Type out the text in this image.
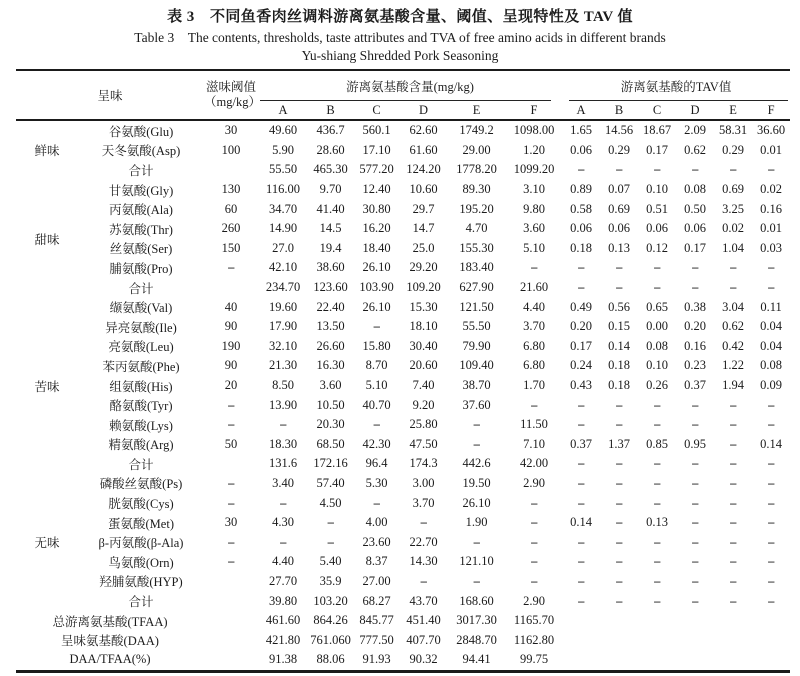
表 3　不同鱼香肉丝调料游离氨基酸含量、阈值、呈现特性及 TAV 值
Table 3　The contents, thresholds, taste attributes and TVA of free amino acids in different brands
Yu-shiang Shredded Pork Seasoning
呈味		滋味阈值
（mg/kg）	游离氨基酸含量(mg/kg)						游离氨基酸的TAV值					
			A	B	C	D	E	F	A	B	C	D	E	F
鲜味	谷氨酸(Glu)	30	49.60	436.7	560.1	62.60	1749.2	1098.00	1.65	14.56	18.67	2.09	58.31	36.60
	天冬氨酸(Asp)	100	5.90	28.60	17.10	61.60	29.00	1.20	0.06	0.29	0.17	0.62	0.29	0.01
	合计		55.50	465.30	577.20	124.20	1778.20	1099.20	–	–	–	–	–	–
甜味	甘氨酸(Gly)	130	116.00	9.70	12.40	10.60	89.30	3.10	0.89	0.07	0.10	0.08	0.69	0.02
	丙氨酸(Ala)	60	34.70	41.40	30.80	29.7	195.20	9.80	0.58	0.69	0.51	0.50	3.25	0.16
	苏氨酸(Thr)	260	14.90	14.5	16.20	14.7	4.70	3.60	0.06	0.06	0.06	0.06	0.02	0.01
	丝氨酸(Ser)	150	27.0	19.4	18.40	25.0	155.30	5.10	0.18	0.13	0.12	0.17	1.04	0.03
	脯氨酸(Pro)	–	42.10	38.60	26.10	29.20	183.40	–	–	–	–	–	–	–
	合计		234.70	123.60	103.90	109.20	627.90	21.60	–	–	–	–	–	–
苦味	缬氨酸(Val)	40	19.60	22.40	26.10	15.30	121.50	4.40	0.49	0.56	0.65	0.38	3.04	0.11
	异亮氨酸(Ile)	90	17.90	13.50	–	18.10	55.50	3.70	0.20	0.15	0.00	0.20	0.62	0.04
	亮氨酸(Leu)	190	32.10	26.60	15.80	30.40	79.90	6.80	0.17	0.14	0.08	0.16	0.42	0.04
	苯丙氨酸(Phe)	90	21.30	16.30	8.70	20.60	109.40	6.80	0.24	0.18	0.10	0.23	1.22	0.08
	组氨酸(His)	20	8.50	3.60	5.10	7.40	38.70	1.70	0.43	0.18	0.26	0.37	1.94	0.09
	酪氨酸(Tyr)	–	13.90	10.50	40.70	9.20	37.60	–	–	–	–	–	–	–
	赖氨酸(Lys)	–	–	20.30	–	25.80	–	11.50	–	–	–	–	–	–
	精氨酸(Arg)	50	18.30	68.50	42.30	47.50	–	7.10	0.37	1.37	0.85	0.95	–	0.14
	合计		131.6	172.16	96.4	174.3	442.6	42.00	–	–	–	–	–	–
无味	磷酸丝氨酸(Ps)	–	3.40	57.40	5.30	3.00	19.50	2.90	–	–	–	–	–	–
	胱氨酸(Cys)	–	–	4.50	–	3.70	26.10	–	–	–	–	–	–	–
	蛋氨酸(Met)	30	4.30	–	4.00	–	1.90	–	0.14	–	0.13	–	–	–
	β-丙氨酸(β-Ala)	–	–	–	23.60	22.70	–	–	–	–	–	–	–	–
	鸟氨酸(Orn)	–	4.40	5.40	8.37	14.30	121.10	–	–	–	–	–	–	–
	羟脯氨酸(HYP)		27.70	35.9	27.00	–	–	–	–	–	–	–	–	–
	合计		39.80	103.20	68.27	43.70	168.60	2.90	–	–	–	–	–	–
总游离氨基酸(TFAA)			461.60	864.26	845.77	451.40	3017.30	1165.70						
呈味氨基酸(DAA)			421.80	761.060	777.50	407.70	2848.70	1162.80						
DAA/TFAA(%)			91.38	88.06	91.93	90.32	94.41	99.75						
